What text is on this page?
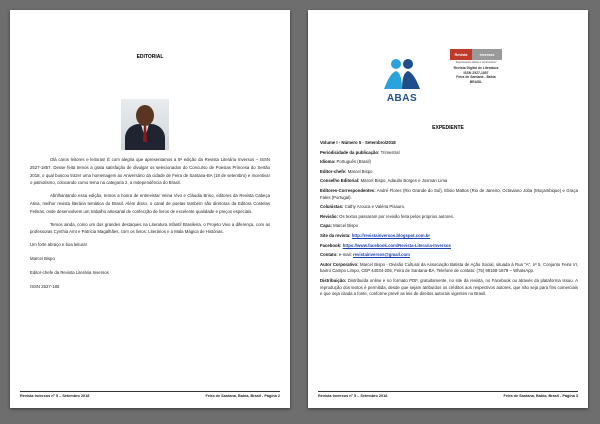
EDITORIAL

Olá caros leitores e leitoras! É com alegria que apresentamos a 5ª edição da Revista Literária Inversos – ISSN 2527-1857. Desse feita temos a grata satisfação de divulgar os selecionados do Concurso de Poesias Princesa do Sertão 2018, o qual buscou trazer uma homenagem ao Aniversário da cidade de Feira de Santana-BA (18 de setembro) e incentivar o patriotismo, colocando como tema na categoria 2, a Independência do Brasil.

Abrilhantando essa edição, temos a honra de entrevistar Veina Vivo e Cláudia Brino, editores da Revista Cabeça Ativa, melhor revista literária temática do Brasil. Além disso, o canal de poetas também são diretoras da Editora Costelas Felinas, onde desenvolvem um trabalho artesanal de confecção de livros de excelente qualidade e preços especiais.

Temos ainda, como um dos grandes destaques na Literatura Infantil Brasileira, o Projeto Vivo a diferença, com as professoras Cynthia Amt e Patrícia Magalhães, com os livros: Literários e a Mala Mágica de Histórias.

Um forte abraço e boa leitura!

Marcel Bispo

Editor-chefe da Revista Literária Inversos

ISSN 2527-185

Revista Inversos nº 5 – Setembro 2018	Feira de Santana, Bahia, Brasil - Página 2
ABAS
Revista	Inversos
"Expressando ideias e sentimentos"
Revista Digital de Literatura
ISSN 2527-1857
Feira de Santana - Bahia
BRASIL
EXPEDIENTE
Volume I - Número 5 - Setembro/2018
Periodicidade da publicação: Trimestral
Idioma: Português (Brasil)
Editor-chefe: Marcel Bispo
Conselho Editorial: Marcel Bispo, Adaulto Borges e Josman Lima
Editores-Correspondentes: André Flores (Rio Grande do Sul), Elisio Mattos (Rio de Janeiro, Octaviano Joba (Moçambique) e Graça Fales (Portugal).
Colunistas: Cathy Arouca e Valéria Pisauro.
Revisão: Os textos passaram por revisão feita pelos próprios autores.
Capa: Marcel Bispo
Site da revista: http://revistainversos.blogspot.com.br
Facebook: https://www.facebook.com/Revista-Literaria-Inversos
Contato: e-mail: revistainversos@gmail.com
Autor Corporativo: Marcel Bispo - Divisão Cultural da Associação Batista de Ação Social, situada à Rua "A", nº 5, Conjunto Feira VI, bairro Campo Limpo, CEP 44034-205, Feira de Santana-BA, Telefone de contato: (75) 99168-1879 – WhatsApp.
Distribuição: Distribuída online e no formato PDF, gratuitamente, no site da revista, no Facebook ou através da plataforma Issuu. A reprodução dos textos é permitida, desde que sejam atribuídos os créditos aos respectivos autores, que não seja para fins comerciais e que seja citada a fonte, conforme prevê as leis de direitos autorais vigentes no Brasil.
Revista Inversos nº 5 – Setembro 2018	Feira de Santana, Bahia, Brasil - Página 3
